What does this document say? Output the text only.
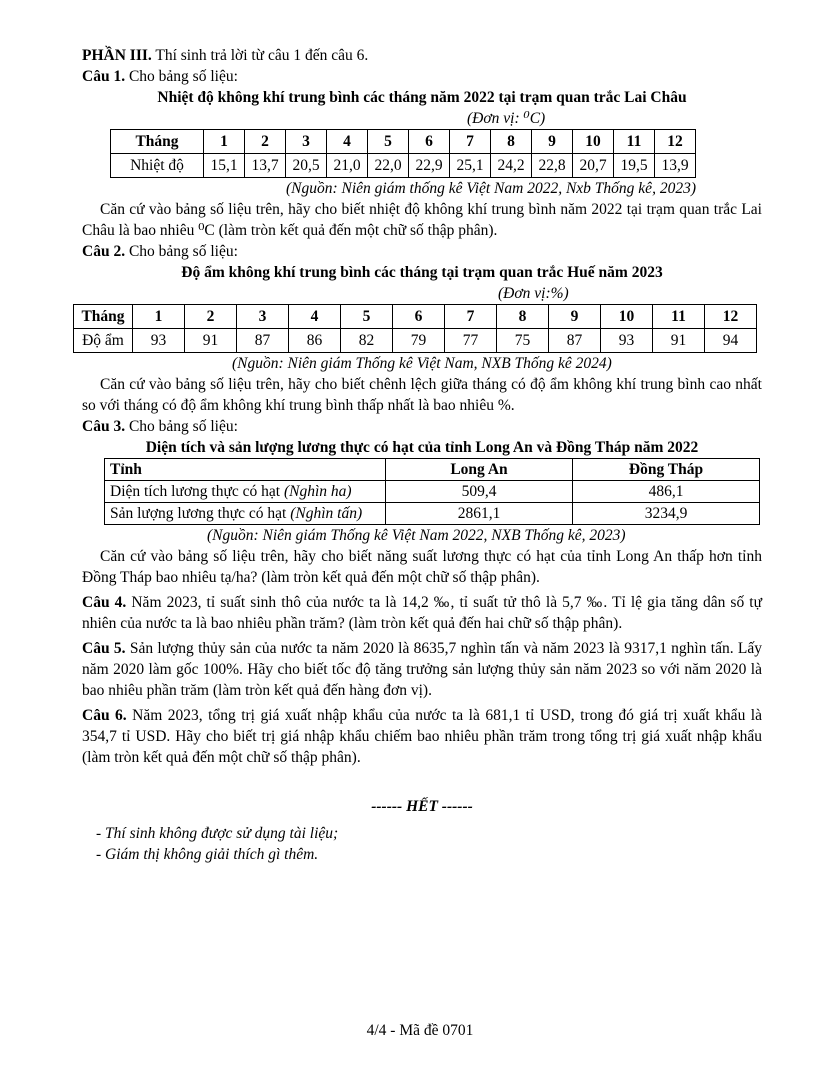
PHẦN III. Thí sinh trả lời từ câu 1 đến câu 6.

Câu 1. Cho bảng số liệu:

Nhiệt độ không khí trung bình các tháng năm 2022 tại trạm quan trắc Lai Châu

(Đơn vị: ⁰C)

Tháng	1	2	3	4	5	6	7	8	9	10	11	12
Nhiệt độ	15,1	13,7	20,5	21,0	22,0	22,9	25,1	24,2	22,8	20,7	19,5	13,9

(Nguồn: Niên giám thống kê Việt Nam 2022, Nxb Thống kê, 2023)

Căn cứ vào bảng số liệu trên, hãy cho biết nhiệt độ không khí trung bình năm 2022 tại trạm quan trắc Lai Châu là bao nhiêu ⁰C (làm tròn kết quả đến một chữ số thập phân).

Câu 2. Cho bảng số liệu:

Độ ẩm không khí trung bình các tháng tại trạm quan trắc Huế năm 2023

(Đơn vị:%)

Tháng	1	2	3	4	5	6	7	8	9	10	11	12
Độ ẩm	93	91	87	86	82	79	77	75	87	93	91	94

(Nguồn: Niên giám Thống kê Việt Nam, NXB Thống kê 2024)

Căn cứ vào bảng số liệu trên, hãy cho biết chênh lệch giữa tháng có độ ẩm không khí trung bình cao nhất so với tháng có độ ẩm không khí trung bình thấp nhất là bao nhiêu %.

Câu 3. Cho bảng số liệu:

Diện tích và sản lượng lương thực có hạt của tỉnh Long An và Đồng Tháp năm 2022

Tỉnh	Long An	Đồng Tháp
Diện tích lương thực có hạt (Nghìn ha)	509,4	486,1
Sản lượng lương thực có hạt (Nghìn tấn)	2861,1	3234,9

(Nguồn: Niên giám Thống kê Việt Nam 2022, NXB Thống kê, 2023)

Căn cứ vào bảng số liệu trên, hãy cho biết năng suất lương thực có hạt của tỉnh Long An thấp hơn tỉnh Đồng Tháp bao nhiêu tạ/ha? (làm tròn kết quả đến một chữ số thập phân).

Câu 4. Năm 2023, tỉ suất sinh thô của nước ta là 14,2 ‰, tỉ suất tử thô là 5,7 ‰. Tỉ lệ gia tăng dân số tự nhiên của nước ta là bao nhiêu phần trăm? (làm tròn kết quả đến hai chữ số thập phân).

Câu 5. Sản lượng thủy sản của nước ta năm 2020 là 8635,7 nghìn tấn và năm 2023 là 9317,1 nghìn tấn. Lấy năm 2020 làm gốc 100%. Hãy cho biết tốc độ tăng trưởng sản lượng thủy sản năm 2023 so với năm 2020 là bao nhiêu phần trăm (làm tròn kết quả đến hàng đơn vị).

Câu 6. Năm 2023, tổng trị giá xuất nhập khẩu của nước ta là 681,1 tỉ USD, trong đó giá trị xuất khẩu là 354,7 tỉ USD. Hãy cho biết trị giá nhập khẩu chiếm bao nhiêu phần trăm trong tổng trị giá xuất nhập khẩu (làm tròn kết quả đến một chữ số thập phân).

------ HẾT ------

- Thí sinh không được sử dụng tài liệu;

- Giám thị không giải thích gì thêm.

4/4 - Mã đề 0701
